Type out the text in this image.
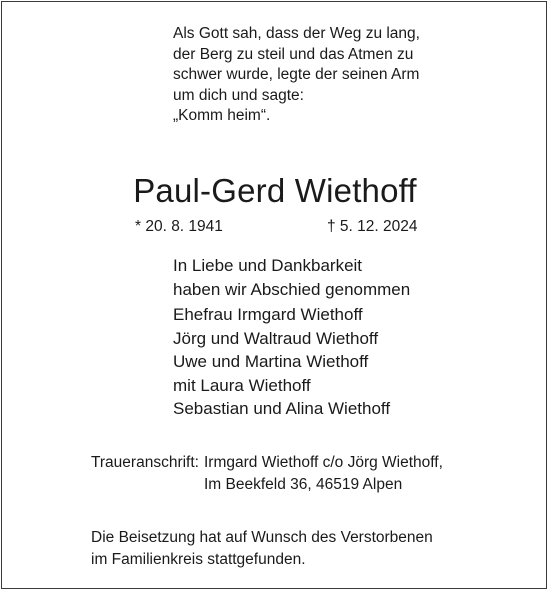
Als Gott sah, dass der Weg zu lang,
der Berg zu steil und das Atmen zu
schwer wurde, legte der seinen Arm
um dich und sagte:
„Komm heim“.
Paul-Gerd Wiethoff
* 20. 8. 1941	† 5. 12. 2024
In Liebe und Dankbarkeit
haben wir Abschied genommen
Ehefrau Irmgard Wiethoff
Jörg und Waltraud Wiethoff
Uwe und Martina Wiethoff
mit Laura Wiethoff
Sebastian und Alina Wiethoff
Traueranschrift: Irmgard Wiethoff c/o Jörg Wiethoff,
Im Beekfeld 36, 46519 Alpen
Die Beisetzung hat auf Wunsch des Verstorbenen
im Familienkreis stattgefunden.
